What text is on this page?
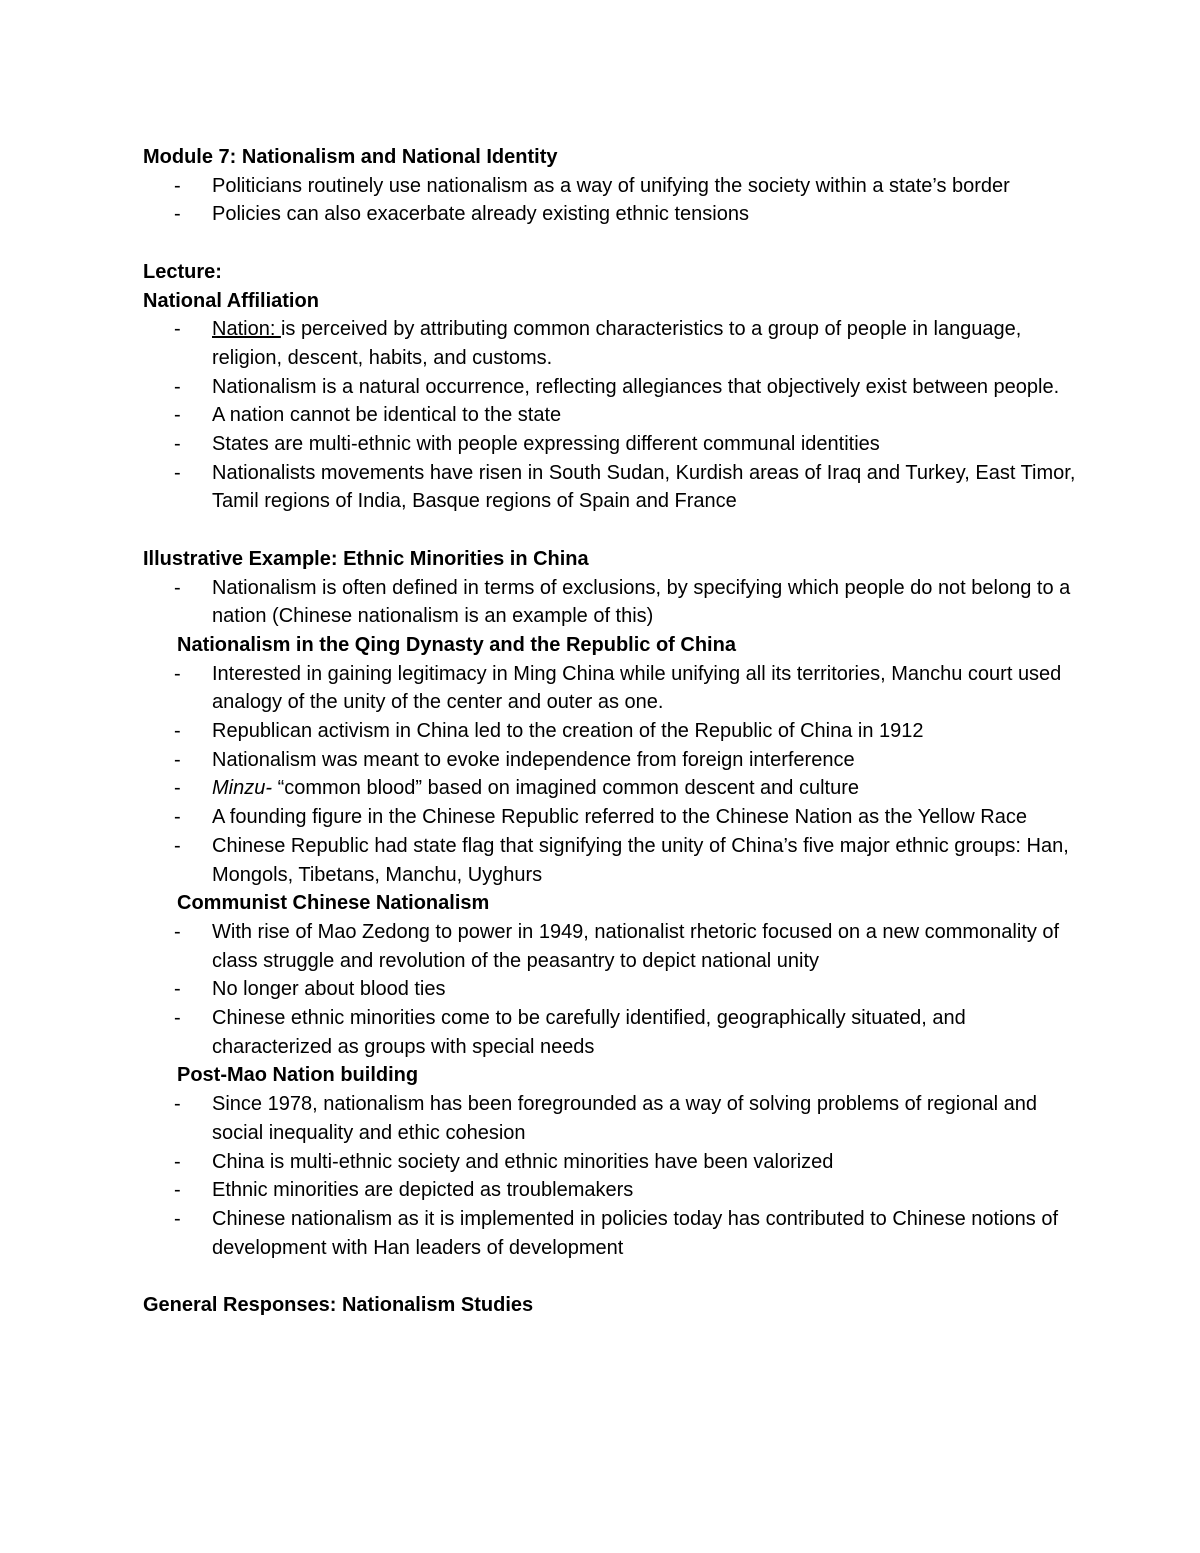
Module 7: Nationalism and National Identity

- Politicians routinely use nationalism as a way of unifying the society within a state’s border
- Policies can also exacerbate already existing ethnic tensions

Lecture:

National Affiliation

- Nation: is perceived by attributing common characteristics to a group of people in language, religion, descent, habits, and customs.
- Nationalism is a natural occurrence, reflecting allegiances that objectively exist between people.
- A nation cannot be identical to the state
- States are multi-ethnic with people expressing different communal identities
- Nationalists movements have risen in South Sudan, Kurdish areas of Iraq and Turkey, East Timor, Tamil regions of India, Basque regions of Spain and France

Illustrative Example: Ethnic Minorities in China

- Nationalism is often defined in terms of exclusions, by specifying which people do not belong to a nation (Chinese nationalism is an example of this)

Nationalism in the Qing Dynasty and the Republic of China

- Interested in gaining legitimacy in Ming China while unifying all its territories, Manchu court used analogy of the unity of the center and outer as one.
- Republican activism in China led to the creation of the Republic of China in 1912
- Nationalism was meant to evoke independence from foreign interference
- Minzu- “common blood” based on imagined common descent and culture
- A founding figure in the Chinese Republic referred to the Chinese Nation as the Yellow Race
- Chinese Republic had state flag that signifying the unity of China’s five major ethnic groups: Han, Mongols, Tibetans, Manchu, Uyghurs

Communist Chinese Nationalism

- With rise of Mao Zedong to power in 1949, nationalist rhetoric focused on a new commonality of class struggle and revolution of the peasantry to depict national unity
- No longer about blood ties
- Chinese ethnic minorities come to be carefully identified, geographically situated, and characterized as groups with special needs

Post-Mao Nation building

- Since 1978, nationalism has been foregrounded as a way of solving problems of regional and social inequality and ethic cohesion
- China is multi-ethnic society and ethnic minorities have been valorized
- Ethnic minorities are depicted as troublemakers
- Chinese nationalism as it is implemented in policies today has contributed to Chinese notions of development with Han leaders of development

General Responses: Nationalism Studies
